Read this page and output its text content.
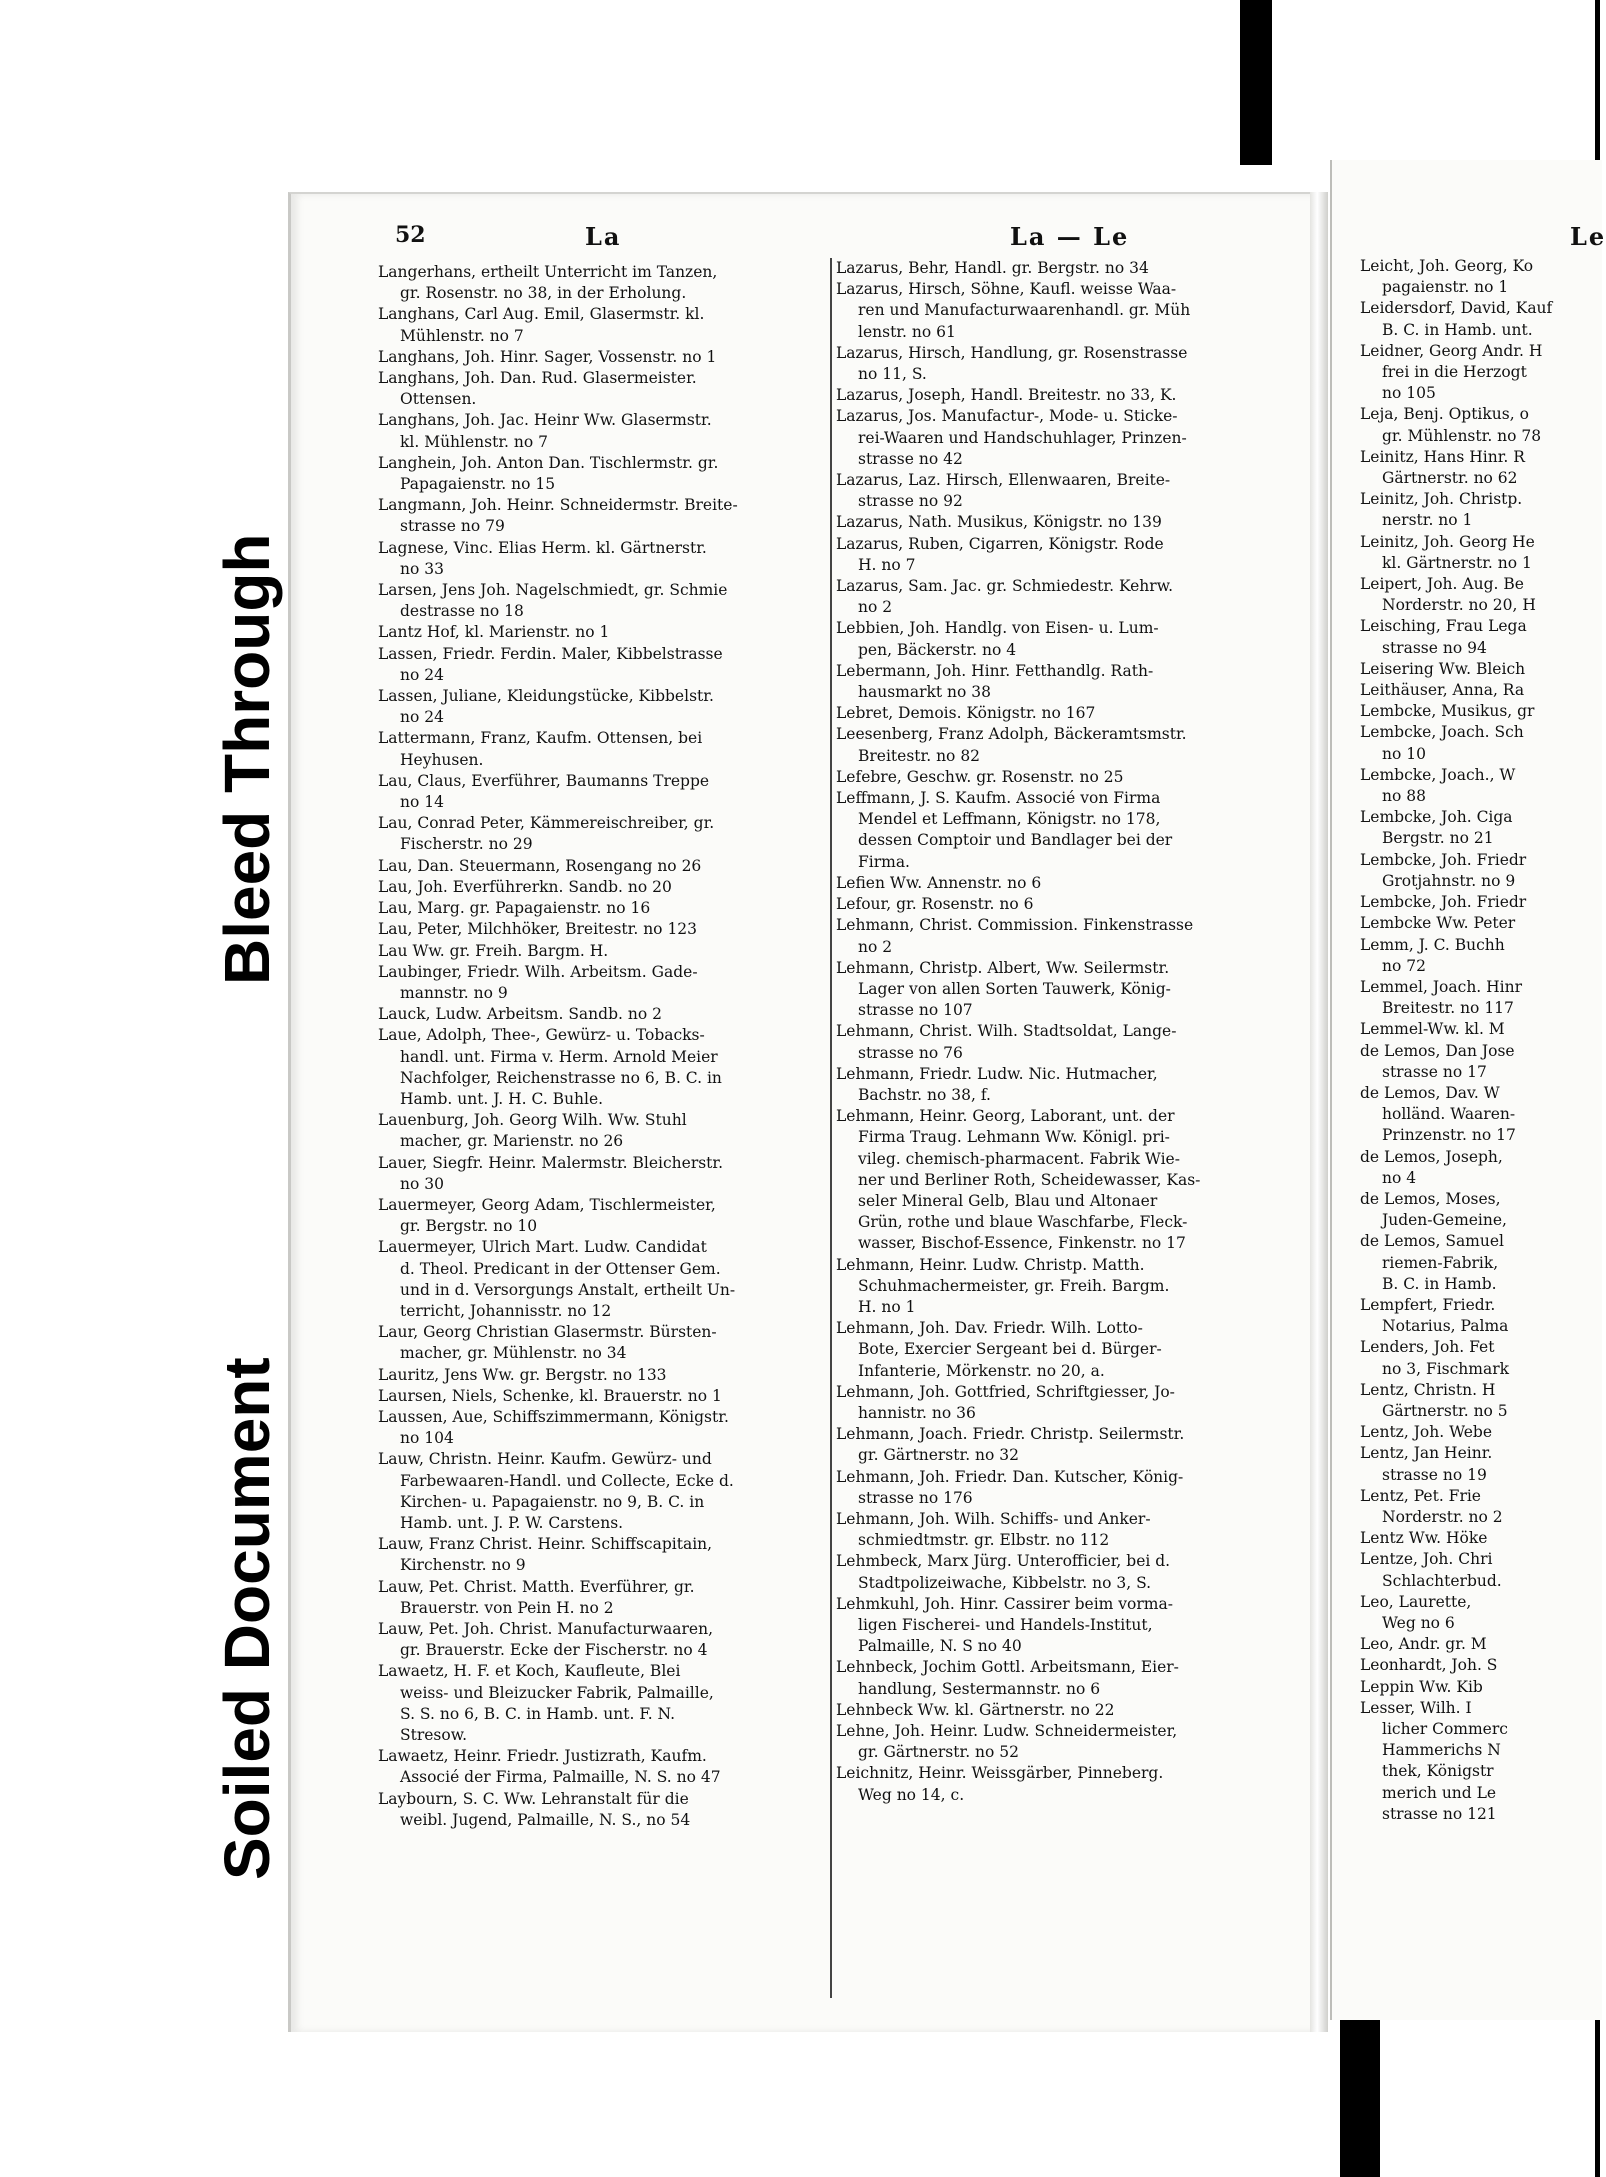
Bleed Through
Soiled Document
52	La	La — Le	Le
Langerhans, ertheilt Unterricht im Tanzen,
gr. Rosenstr. no 38, in der Erholung.
Langhans, Carl Aug. Emil, Glasermstr. kl.
Mühlenstr. no 7
Langhans, Joh. Hinr. Sager, Vossenstr. no 1
Langhans, Joh. Dan. Rud. Glasermeister.
Ottensen.
Langhans, Joh. Jac. Heinr Ww. Glasermstr.
kl. Mühlenstr. no 7
Langhein, Joh. Anton Dan. Tischlermstr. gr.
Papagaienstr. no 15
Langmann, Joh. Heinr. Schneidermstr. Breite-
strasse no 79
Lagnese, Vinc. Elias Herm. kl. Gärtnerstr.
no 33
Larsen, Jens Joh. Nagelschmiedt, gr. Schmie
destrasse no 18
Lantz Hof, kl. Marienstr. no 1
Lassen, Friedr. Ferdin. Maler, Kibbelstrasse
no 24
Lassen, Juliane, Kleidungstücke, Kibbelstr.
no 24
Lattermann, Franz, Kaufm. Ottensen, bei
Heyhusen.
Lau, Claus, Everführer, Baumanns Treppe
no 14
Lau, Conrad Peter, Kämmereischreiber, gr.
Fischerstr. no 29
Lau, Dan. Steuermann, Rosengang no 26
Lau, Joh. Everführerkn. Sandb. no 20
Lau, Marg. gr. Papagaienstr. no 16
Lau, Peter, Milchhöker, Breitestr. no 123
Lau Ww. gr. Freih. Bargm. H.
Laubinger, Friedr. Wilh. Arbeitsm. Gade-
mannstr. no 9
Lauck, Ludw. Arbeitsm. Sandb. no 2
Laue, Adolph, Thee-, Gewürz- u. Tobacks-
handl. unt. Firma v. Herm. Arnold Meier
Nachfolger, Reichenstrasse no 6, B. C. in
Hamb. unt. J. H. C. Buhle.
Lauenburg, Joh. Georg Wilh. Ww. Stuhl
macher, gr. Marienstr. no 26
Lauer, Siegfr. Heinr. Malermstr. Bleicherstr.
no 30
Lauermeyer, Georg Adam, Tischlermeister,
gr. Bergstr. no 10
Lauermeyer, Ulrich Mart. Ludw. Candidat
d. Theol. Predicant in der Ottenser Gem.
und in d. Versorgungs Anstalt, ertheilt Un-
terricht, Johannisstr. no 12
Laur, Georg Christian Glasermstr. Bürsten-
macher, gr. Mühlenstr. no 34
Lauritz, Jens Ww. gr. Bergstr. no 133
Laursen, Niels, Schenke, kl. Brauerstr. no 1
Laussen, Aue, Schiffszimmermann, Königstr.
no 104
Lauw, Christn. Heinr. Kaufm. Gewürz- und
Farbewaaren-Handl. und Collecte, Ecke d.
Kirchen- u. Papagaienstr. no 9, B. C. in
Hamb. unt. J. P. W. Carstens.
Lauw, Franz Christ. Heinr. Schiffscapitain,
Kirchenstr. no 9
Lauw, Pet. Christ. Matth. Everführer, gr.
Brauerstr. von Pein H. no 2
Lauw, Pet. Joh. Christ. Manufacturwaaren,
gr. Brauerstr. Ecke der Fischerstr. no 4
Lawaetz, H. F. et Koch, Kaufleute, Blei
weiss- und Bleizucker Fabrik, Palmaille,
S. S. no 6, B. C. in Hamb. unt. F. N.
Stresow.
Lawaetz, Heinr. Friedr. Justizrath, Kaufm.
Associé der Firma, Palmaille, N. S. no 47
Laybourn, S. C. Ww. Lehranstalt für die
weibl. Jugend, Palmaille, N. S., no 54
Lazarus, Behr, Handl. gr. Bergstr. no 34
Lazarus, Hirsch, Söhne, Kaufl. weisse Waa-
ren und Manufacturwaarenhandl. gr. Müh
lenstr. no 61
Lazarus, Hirsch, Handlung, gr. Rosenstrasse
no 11, S.
Lazarus, Joseph, Handl. Breitestr. no 33, K.
Lazarus, Jos. Manufactur-, Mode- u. Sticke-
rei-Waaren und Handschuhlager, Prinzen-
strasse no 42
Lazarus, Laz. Hirsch, Ellenwaaren, Breite-
strasse no 92
Lazarus, Nath. Musikus, Königstr. no 139
Lazarus, Ruben, Cigarren, Königstr. Rode
H. no 7
Lazarus, Sam. Jac. gr. Schmiedestr. Kehrw.
no 2
Lebbien, Joh. Handlg. von Eisen- u. Lum-
pen, Bäckerstr. no 4
Lebermann, Joh. Hinr. Fetthandlg. Rath-
hausmarkt no 38
Lebret, Demois. Königstr. no 167
Leesenberg, Franz Adolph, Bäckeramtsmstr.
Breitestr. no 82
Lefebre, Geschw. gr. Rosenstr. no 25
Leffmann, J. S. Kaufm. Associé von Firma
Mendel et Leffmann, Königstr. no 178,
dessen Comptoir und Bandlager bei der
Firma.
Lefien Ww. Annenstr. no 6
Lefour, gr. Rosenstr. no 6
Lehmann, Christ. Commission. Finkenstrasse
no 2
Lehmann, Christp. Albert, Ww. Seilermstr.
Lager von allen Sorten Tauwerk, König-
strasse no 107
Lehmann, Christ. Wilh. Stadtsoldat, Lange-
strasse no 76
Lehmann, Friedr. Ludw. Nic. Hutmacher,
Bachstr. no 38, f.
Lehmann, Heinr. Georg, Laborant, unt. der
Firma Traug. Lehmann Ww. Königl. pri-
vileg. chemisch-pharmacent. Fabrik Wie-
ner und Berliner Roth, Scheidewasser, Kas-
seler Mineral Gelb, Blau und Altonaer
Grün, rothe und blaue Waschfarbe, Fleck-
wasser, Bischof-Essence, Finkenstr. no 17
Lehmann, Heinr. Ludw. Christp. Matth.
Schuhmachermeister, gr. Freih. Bargm.
H. no 1
Lehmann, Joh. Dav. Friedr. Wilh. Lotto-
Bote, Exercier Sergeant bei d. Bürger-
Infanterie, Mörkenstr. no 20, a.
Lehmann, Joh. Gottfried, Schriftgiesser, Jo-
hannistr. no 36
Lehmann, Joach. Friedr. Christp. Seilermstr.
gr. Gärtnerstr. no 32
Lehmann, Joh. Friedr. Dan. Kutscher, König-
strasse no 176
Lehmann, Joh. Wilh. Schiffs- und Anker-
schmiedtmstr. gr. Elbstr. no 112
Lehmbeck, Marx Jürg. Unterofficier, bei d.
Stadtpolizeiwache, Kibbelstr. no 3, S.
Lehmkuhl, Joh. Hinr. Cassirer beim vorma-
ligen Fischerei- und Handels-Institut,
Palmaille, N. S no 40
Lehnbeck, Jochim Gottl. Arbeitsmann, Eier-
handlung, Sestermannstr. no 6
Lehnbeck Ww. kl. Gärtnerstr. no 22
Lehne, Joh. Heinr. Ludw. Schneidermeister,
gr. Gärtnerstr. no 52
Leichnitz, Heinr. Weissgärber, Pinneberg.
Weg no 14, c.
Leicht, Joh. Georg, Ko
pagaienstr. no 1
Leidersdorf, David, Kauf
B. C. in Hamb. unt.
Leidner, Georg Andr. H
frei in die Herzogt
no 105
Leja, Benj. Optikus, o
gr. Mühlenstr. no 78
Leinitz, Hans Hinr. R
Gärtnerstr. no 62
Leinitz, Joh. Christp.
nerstr. no 1
Leinitz, Joh. Georg He
kl. Gärtnerstr. no 1
Leipert, Joh. Aug. Be
Norderstr. no 20, H
Leisching, Frau Lega
strasse no 94
Leisering Ww. Bleich
Leithäuser, Anna, Ra
Lembcke, Musikus, gr
Lembcke, Joach. Sch
no 10
Lembcke, Joach., W
no 88
Lembcke, Joh. Ciga
Bergstr. no 21
Lembcke, Joh. Friedr
Grotjahnstr. no 9
Lembcke, Joh. Friedr
Lembcke Ww. Peter
Lemm, J. C. Buchh
no 72
Lemmel, Joach. Hinr
Breitestr. no 117
Lemmel-Ww. kl. M
de Lemos, Dan Jose
strasse no 17
de Lemos, Dav. W
holländ. Waaren-
Prinzenstr. no 17
de Lemos, Joseph,
no 4
de Lemos, Moses,
Juden-Gemeine,
de Lemos, Samuel
riemen-Fabrik,
B. C. in Hamb.
Lempfert, Friedr.
Notarius, Palma
Lenders, Joh. Fet
no 3, Fischmark
Lentz, Christn. H
Gärtnerstr. no 5
Lentz, Joh. Webe
Lentz, Jan Heinr.
strasse no 19
Lentz, Pet. Frie
Norderstr. no 2
Lentz Ww. Höke
Lentze, Joh. Chri
Schlachterbud.
Leo, Laurette,
Weg no 6
Leo, Andr. gr. M
Leonhardt, Joh. S
Leppin Ww. Kib
Lesser, Wilh. I
licher Commerc
Hammerichs N
thek, Königstr
merich und Le
strasse no 121
